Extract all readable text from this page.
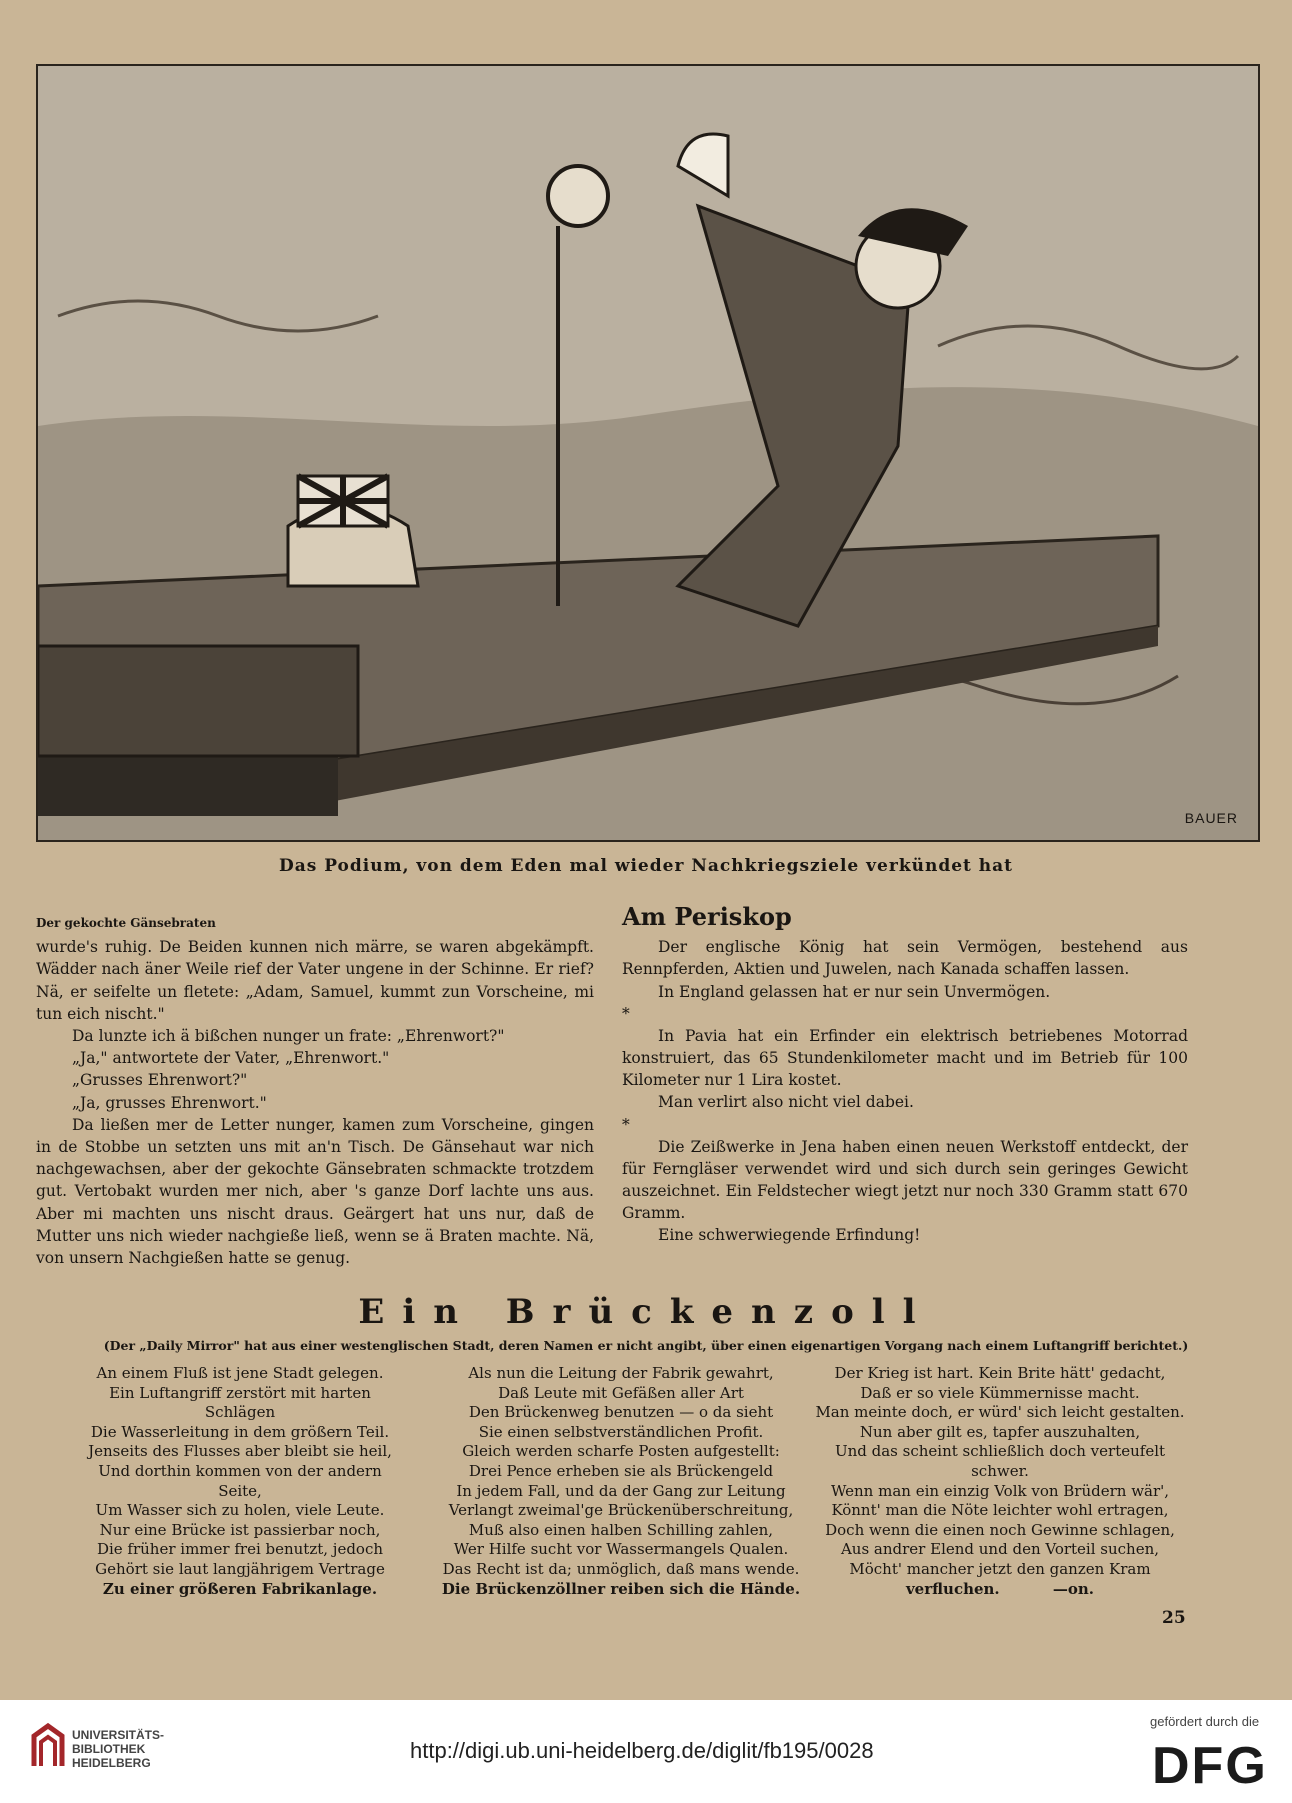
BAUER
Das Podium, von dem Eden mal wieder Nachkriegsziele verkündet hat
Der gekochte Gänsebraten

wurde's ruhig. De Beiden kunnen nich märre, se waren abgekämpft. Wädder nach äner Weile rief der Vater ungene in der Schinne. Er rief? Nä, er seifelte un fletete: „Adam, Samuel, kummt zun Vorscheine, mi tun eich nischt."

Da lunzte ich ä bißchen nunger un frate: „Ehrenwort?"

„Ja," antwortete der Vater, „Ehrenwort."

„Grusses Ehrenwort?"

„Ja, grusses Ehrenwort."

Da ließen mer de Letter nunger, kamen zum Vorscheine, gingen in de Stobbe un setzten uns mit an'n Tisch. De Gänsehaut war nich nachgewachsen, aber der gekochte Gänsebraten schmackte trotzdem gut. Vertobakt wurden mer nich, aber 's ganze Dorf lachte uns aus. Aber mi machten uns nischt draus. Geärgert hat uns nur, daß de Mutter uns nich wieder nachgieße ließ, wenn se ä Braten machte. Nä, von unsern Nachgießen hatte se genug.

Am Periskop

Der englische König hat sein Vermögen, bestehend aus Rennpferden, Aktien und Juwelen, nach Kanada schaffen lassen.

In England gelassen hat er nur sein Unvermögen.

*

In Pavia hat ein Erfinder ein elektrisch betriebenes Motorrad konstruiert, das 65 Stundenkilometer macht und im Betrieb für 100 Kilometer nur 1 Lira kostet.

Man verlirt also nicht viel dabei.

*

Die Zeißwerke in Jena haben einen neuen Werkstoff entdeckt, der für Ferngläser verwendet wird und sich durch sein geringes Gewicht auszeichnet. Ein Feldstecher wiegt jetzt nur noch 330 Gramm statt 670 Gramm.

Eine schwerwiegende Erfindung!

Ein Brückenzoll
(Der „Daily Mirror" hat aus einer westenglischen Stadt, deren Namen er nicht angibt, über einen eigenartigen Vorgang nach einem Luftangriff berichtet.)
An einem Fluß ist jene Stadt gelegen.
Ein Luftangriff zerstört mit harten
Schlägen
Die Wasserleitung in dem größern Teil.
Jenseits des Flusses aber bleibt sie heil,
Und dorthin kommen von der andern
Seite,
Um Wasser sich zu holen, viele Leute.
Nur eine Brücke ist passierbar noch,
Die früher immer frei benutzt, jedoch
Gehört sie laut langjährigem Vertrage
Zu einer größeren Fabrikanlage.
Als nun die Leitung der Fabrik gewahrt,
Daß Leute mit Gefäßen aller Art
Den Brückenweg benutzen — o da sieht
Sie einen selbstverständlichen Profit.
Gleich werden scharfe Posten aufgestellt:
Drei Pence erheben sie als Brückengeld
In jedem Fall, und da der Gang zur Leitung
Verlangt zweimal'ge Brückenüberschreitung,
Muß also einen halben Schilling zahlen,
Wer Hilfe sucht vor Wassermangels Qualen.
Das Recht ist da; unmöglich, daß mans wende.
Die Brückenzöllner reiben sich die Hände.
Der Krieg ist hart. Kein Brite hätt' gedacht,
Daß er so viele Kümmernisse macht.
Man meinte doch, er würd' sich leicht gestalten.
Nun aber gilt es, tapfer auszuhalten,
Und das scheint schließlich doch verteufelt
schwer.
Wenn man ein einzig Volk von Brüdern wär',
Könnt' man die Nöte leichter wohl ertragen,
Doch wenn die einen noch Gewinne schlagen,
Aus andrer Elend und den Vorteil suchen,
Möcht' mancher jetzt den ganzen Kram
verfluchen.	—on.
25
UNIVERSITÄTS-
BIBLIOTHEK
HEIDELBERG	http://digi.ub.uni-heidelberg.de/diglit/fb195/0028
gefördert durch die
DFG
